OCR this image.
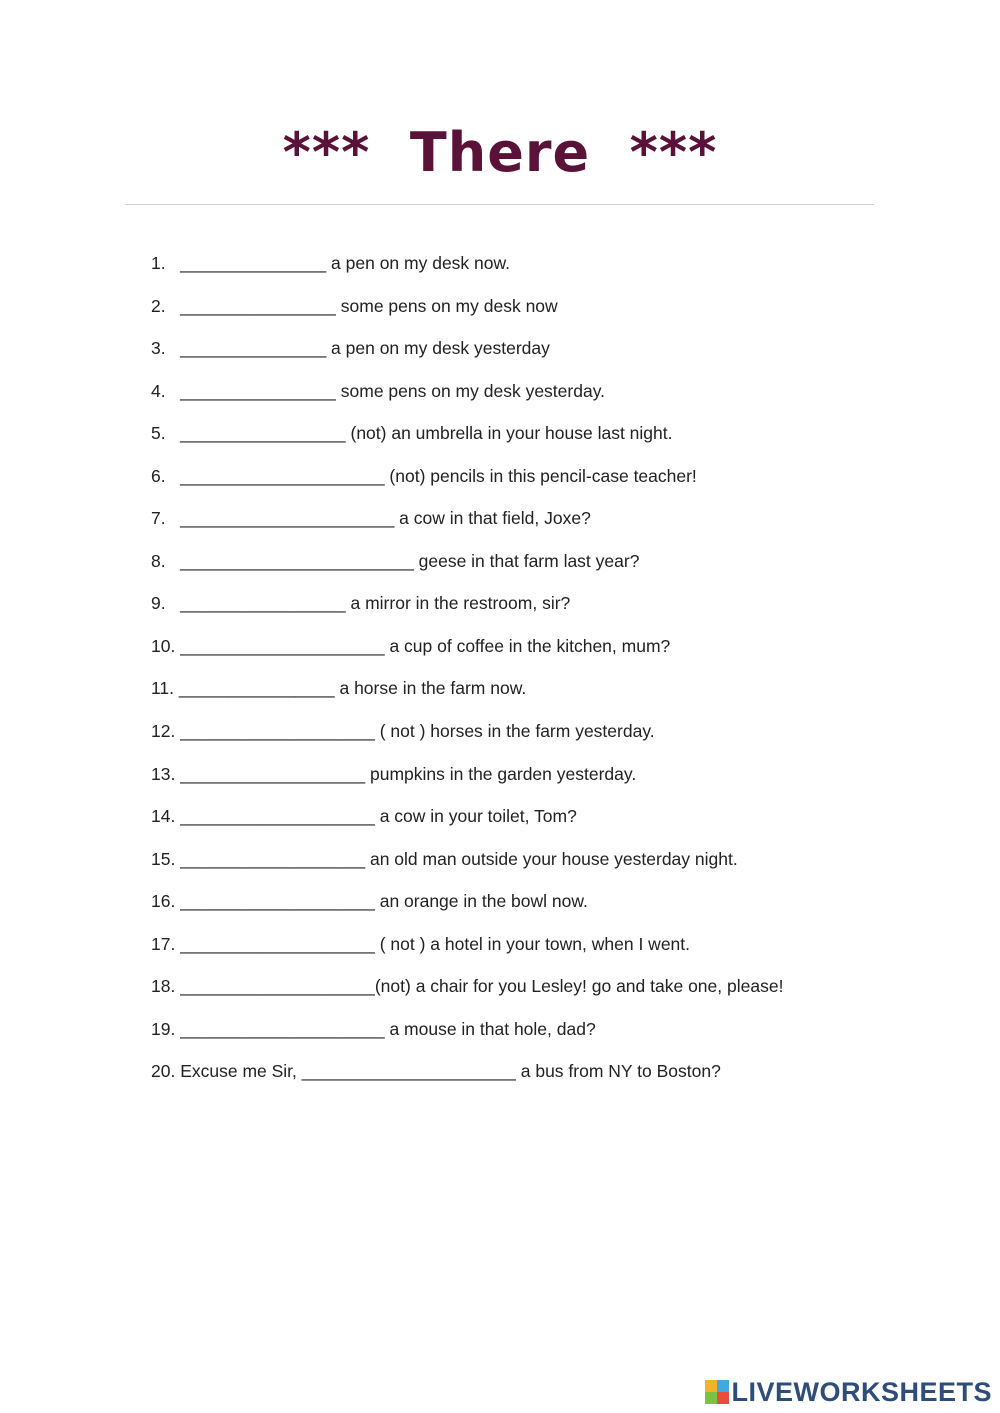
***  There  ***
1.   _______________ a pen on my desk now.
2.   ________________ some pens on my desk now
3.   _______________ a pen on my desk yesterday
4.   ________________ some pens on my desk yesterday.
5.   _________________ (not) an umbrella in your house last night.
6.   _____________________ (not) pencils in this pencil-case teacher!
7.   ______________________ a cow in that field, Joxe?
8.   ________________________ geese in that farm last year?
9.   _________________ a mirror in the restroom, sir?
10. _____________________ a cup of coffee in the kitchen, mum?
11. ________________ a horse in the farm now.
12. ____________________ ( not ) horses in the farm yesterday.
13. ___________________ pumpkins in the garden yesterday.
14. ____________________ a cow in your toilet, Tom?
15. ___________________ an old man outside your house yesterday night.
16. ____________________ an orange in the bowl now.
17. ____________________ ( not ) a hotel in your town, when I went.
18. ____________________(not) a chair for you Lesley! go and take one, please!
19. _____________________ a mouse in that hole, dad?
20. Excuse me Sir, ______________________ a bus from NY to Boston?
LIVEWORKSHEETS
